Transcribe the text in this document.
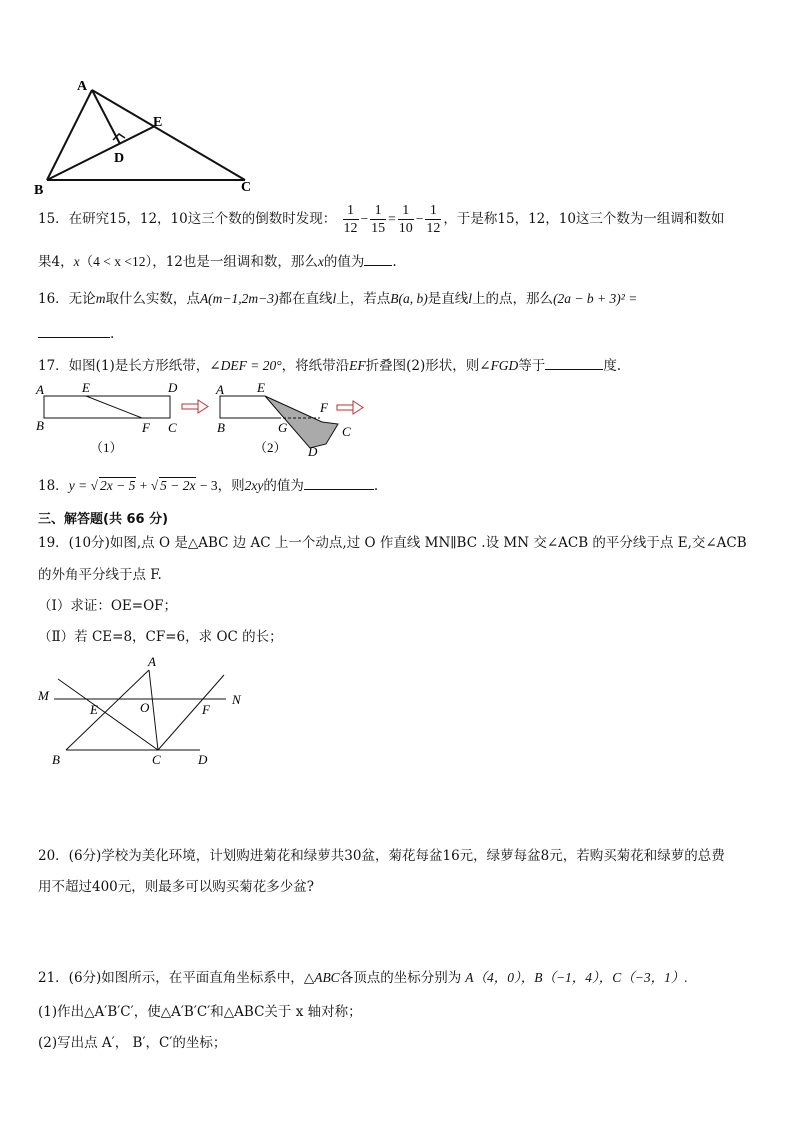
A
B	C
D
E
15．在研究15，12，10这三个数的倒数时发现： $\frac{1}{12} - \frac{1}{15} = \frac{1}{10} - \frac{1}{12}$ ，于是称15，12，10这三个数为一组调和数如
果4，x（4 < x <12），12也是一组调和数，那么x的值为 .
16．无论m取什么实数，点A(m−1,2m−3)都在直线l上，若点B(a, b)是直线l上的点，那么(2a − b + 3)² =
.
17．如图(1)是长方形纸带，∠DEF = 20°，将纸带沿EF折叠图(2)形状，则∠FGD等于	度.
A	E	D
B	F C
（1）
A	E
F
B	G	C
D
（2）
18．y = √ 2x − 5 + √ 5 − 2x − 3，则2xy的值为	.
三、解答题(共 66 分)
19．(10分)如图,点 O 是△ABC 边 AC 上一个动点,过 O 作直线 MN∥BC .设 MN 交∠ACB 的平分线于点 E,交∠ACB
的外角平分线于点 F.
（Ⅰ）求证：OE=OF；
（Ⅱ）若 CE=8，CF=6，求 OC 的长；
A
M	N
E	O	F
B	C	D
20．(6分)学校为美化环境，计划购进菊花和绿萝共30盆，菊花每盆16元，绿萝每盆8元，若购买菊花和绿萝的总费
用不超过400元，则最多可以购买菊花多少盆?
21．(6分)如图所示，在平面直角坐标系中，△ABC各顶点的坐标分别为 A（4，0），B（−1，4），C（−3，1）.
(1)作出△A′B′C′，使△A′B′C′和△ABC关于 x 轴对称；
(2)写出点 A′， B′，C′的坐标；
